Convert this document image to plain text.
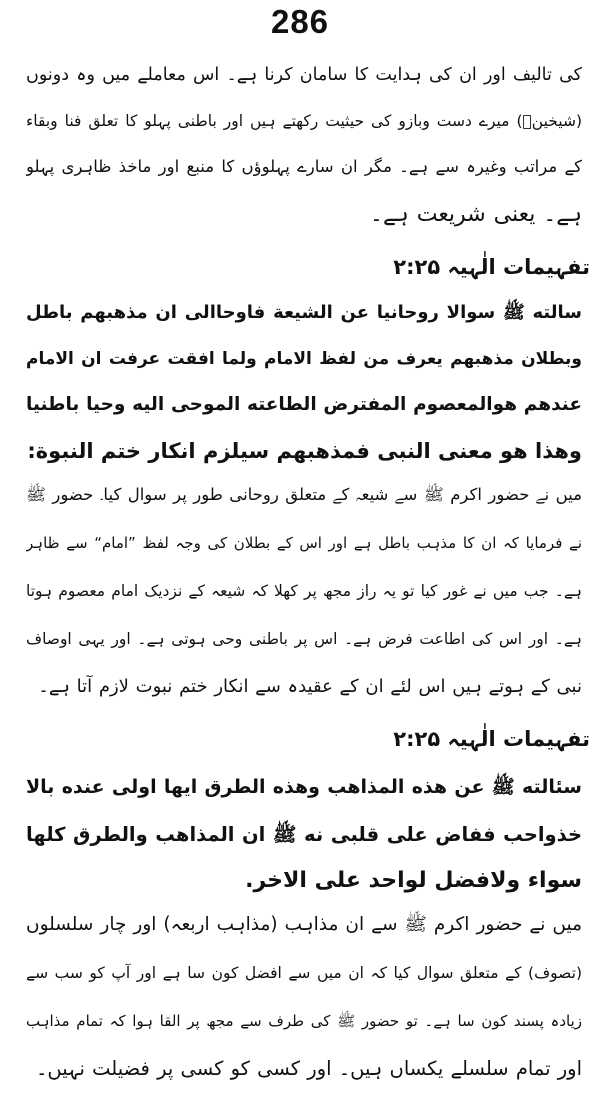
286
کی تالیف اور ان کی ہدایت کا سامان کرنا ہے۔ اس معاملے میں وہ دونوں
(شیخینؓ) میرے دست وبازو کی حیثیت رکھتے ہیں اور باطنی پہلو کا تعلق فنا وبقاء
کے مراتب وغیرہ سے ہے۔ مگر ان سارے پہلوؤں کا منبع اور ماخذ ظاہری پہلو
ہے۔ یعنی شریعت ہے۔
تفہیمات الٰہیہ ۲:۲۵
سالته ﷺ سوالا روحانیا عن الشیعة فاوحاالی ان مذهبهم باطل
وبطلان مذهبهم یعرف من لفظ الامام ولما افقت عرفت ان الامام
عندهم هوالمعصوم المفترض الطاعته الموحی الیه وحیا باطنیا
وهذا هو معنی النبی فمذهبهم سیلزم انکار ختم النبوة:
میں نے حضور اکرم ﷺ سے شیعہ کے متعلق روحانی طور پر سوال کیا۔ حضور ﷺ
نے فرمایا کہ ان کا مذہب باطل ہے اور اس کے بطلان کی وجہ لفظ ”امام“ سے ظاہر
ہے۔ جب میں نے غور کیا تو یہ راز مجھ پر کھلا کہ شیعہ کے نزدیک امام معصوم ہوتا
ہے۔ اور اس کی اطاعت فرض ہے۔ اس پر باطنی وحی ہوتی ہے۔ اور یہی اوصاف
نبی کے ہوتے ہیں اس لئے ان کے عقیدہ سے انکار ختم نبوت لازم آتا ہے۔
تفہیمات الٰہیہ ۲:۲۵
سئالته ﷺ عن هذه المذاهب وهذه الطرق ایها اولی عنده بالا
خذواحب ففاض علی قلبی نه ﷺ ان المذاهب والطرق کلها
سواء ولافضل لواحد علی الاخر.
میں نے حضور اکرم ﷺ سے ان مذاہب (مذاہب اربعہ) اور چار سلسلوں
(تصوف) کے متعلق سوال کیا کہ ان میں سے افضل کون سا ہے اور آپ کو سب سے
زیادہ پسند کون سا ہے۔ تو حضور ﷺ کی طرف سے مجھ پر القا ہوا کہ تمام مذاہب
اور تمام سلسلے یکساں ہیں۔ اور کسی کو کسی پر فضیلت نہیں۔
